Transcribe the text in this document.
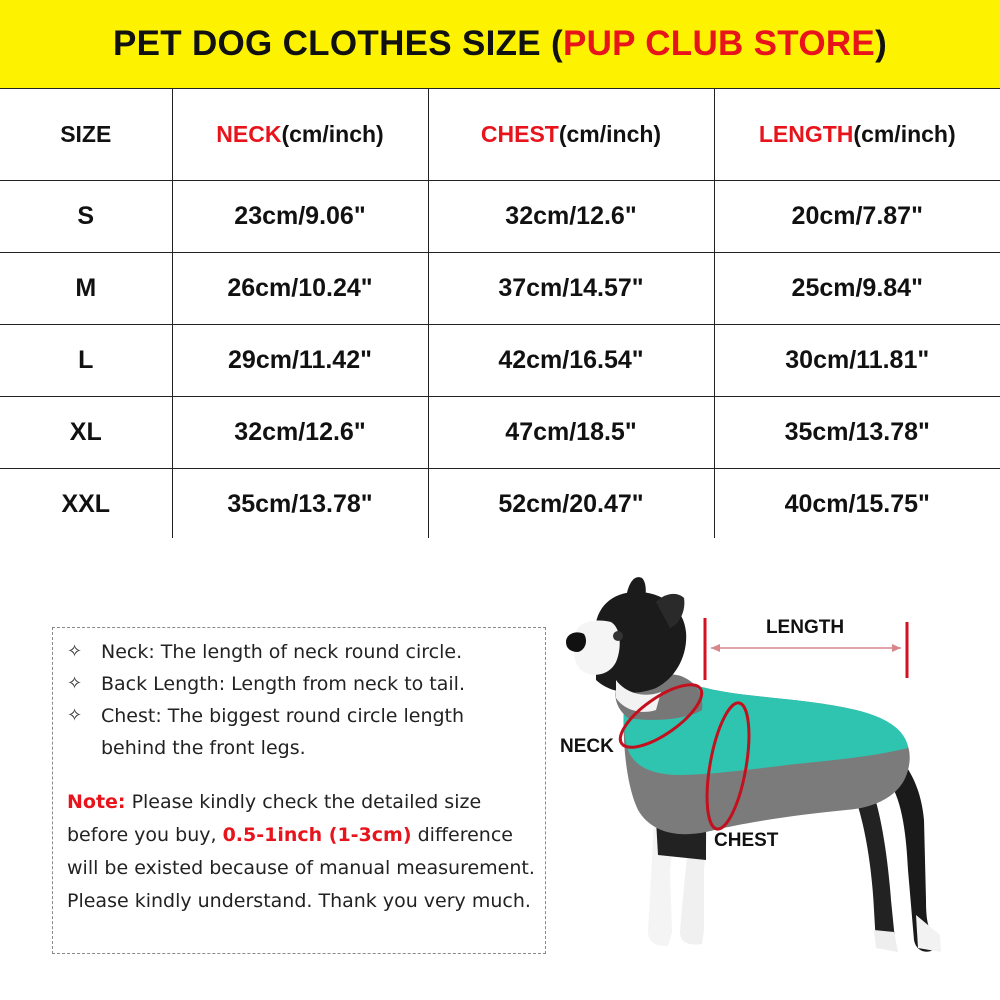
PET DOG CLOTHES SIZE ( PUP CLUB STORE )
SIZE	NECK(cm/inch)	CHEST(cm/inch)	LENGTH(cm/inch)
S	23cm/9.06"	32cm/12.6"	20cm/7.87"
M	26cm/10.24"	37cm/14.57"	25cm/9.84"
L	29cm/11.42"	42cm/16.54"	30cm/11.81"
XL	32cm/12.6"	47cm/18.5"	35cm/13.78"
XXL	35cm/13.78"	52cm/20.47"	40cm/15.75"
✧ Neck: The length of neck round circle.
✧ Back Length: Length from neck to tail.
✧ Chest: The biggest round circle length behind the front legs.
Note: Please kindly check the detailed size before you buy, 0.5-1inch (1-3cm) difference will be existed because of manual measurement. Please kindly understand. Thank you very much.
LENGTH
NECK
CHEST
